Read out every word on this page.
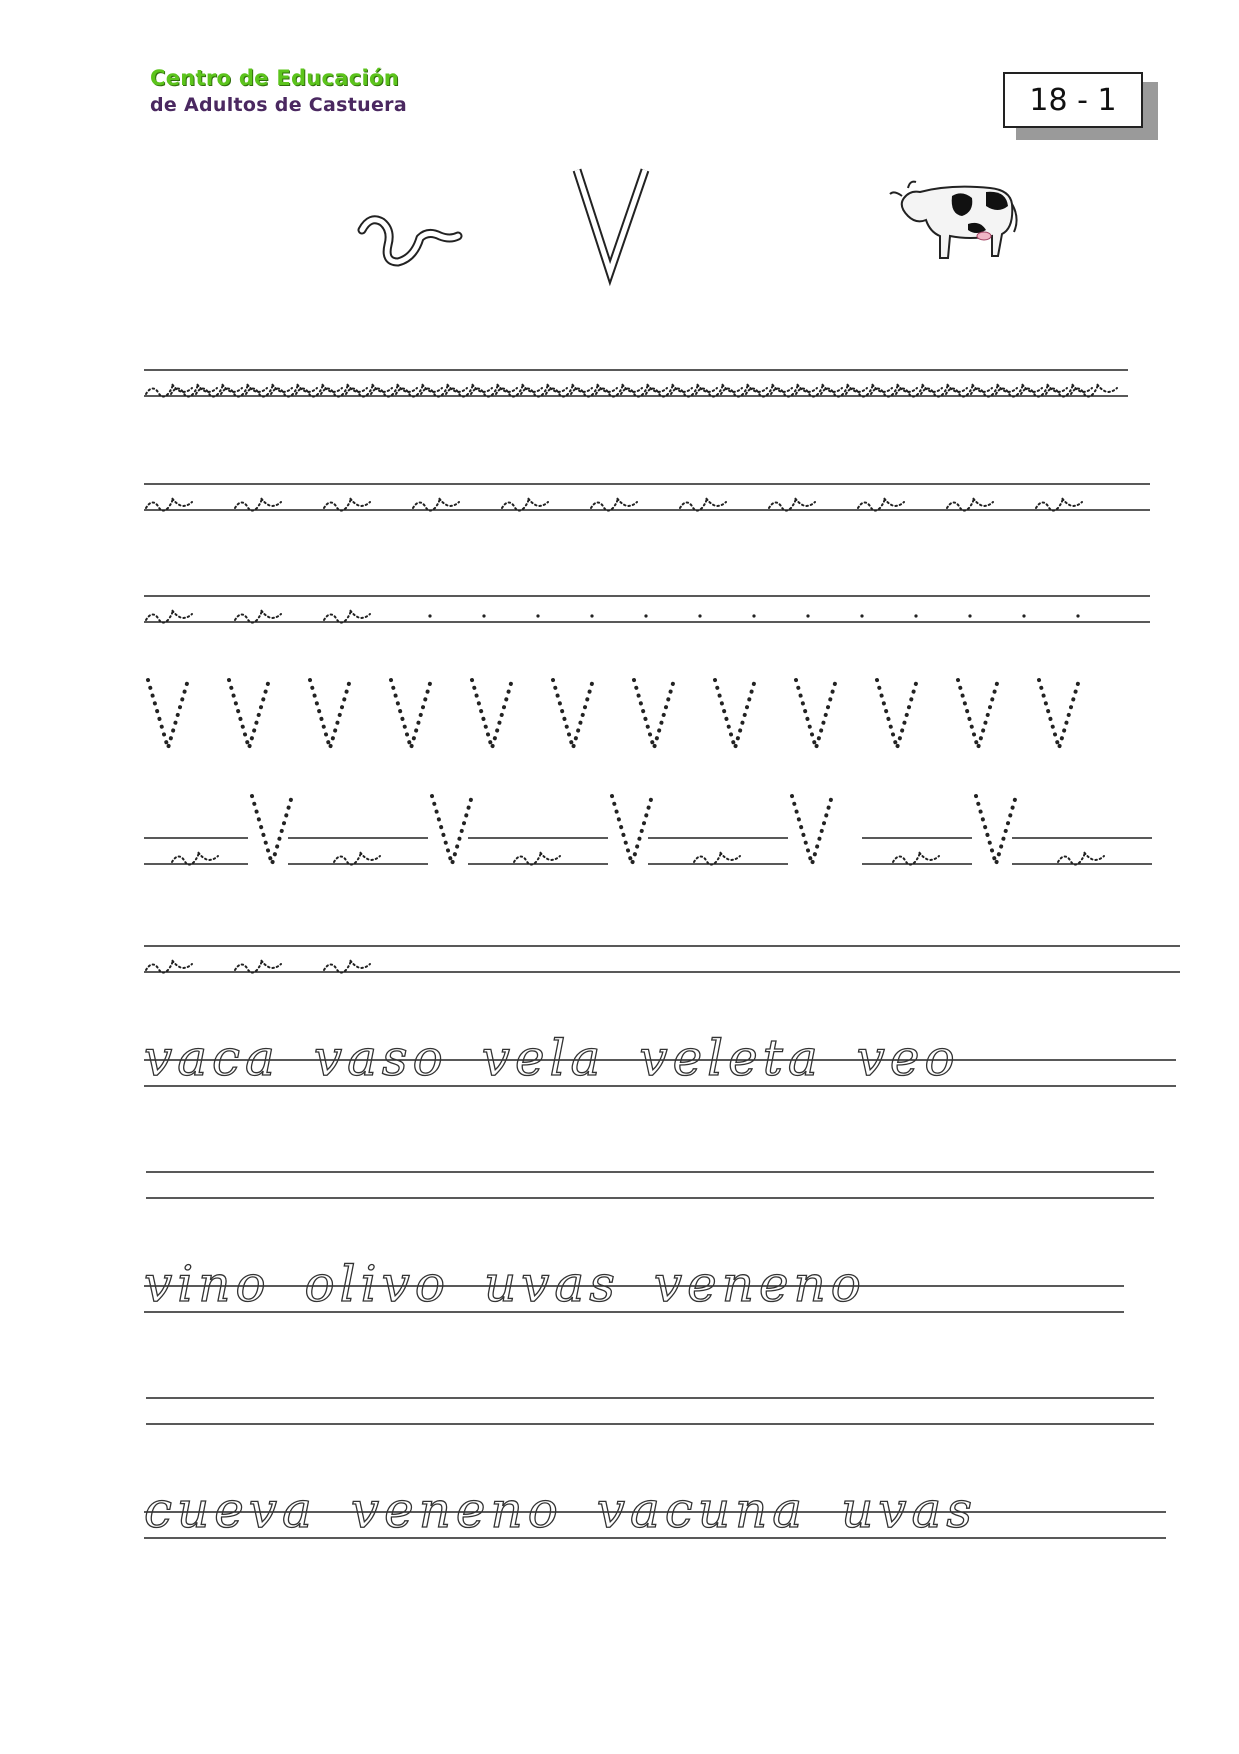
Centro de Educación
de Adultos de Castuera	18 - 1
vaca vaso vela veleta veo
vino olivo uvas veneno
cueva veneno vacuna uvas
